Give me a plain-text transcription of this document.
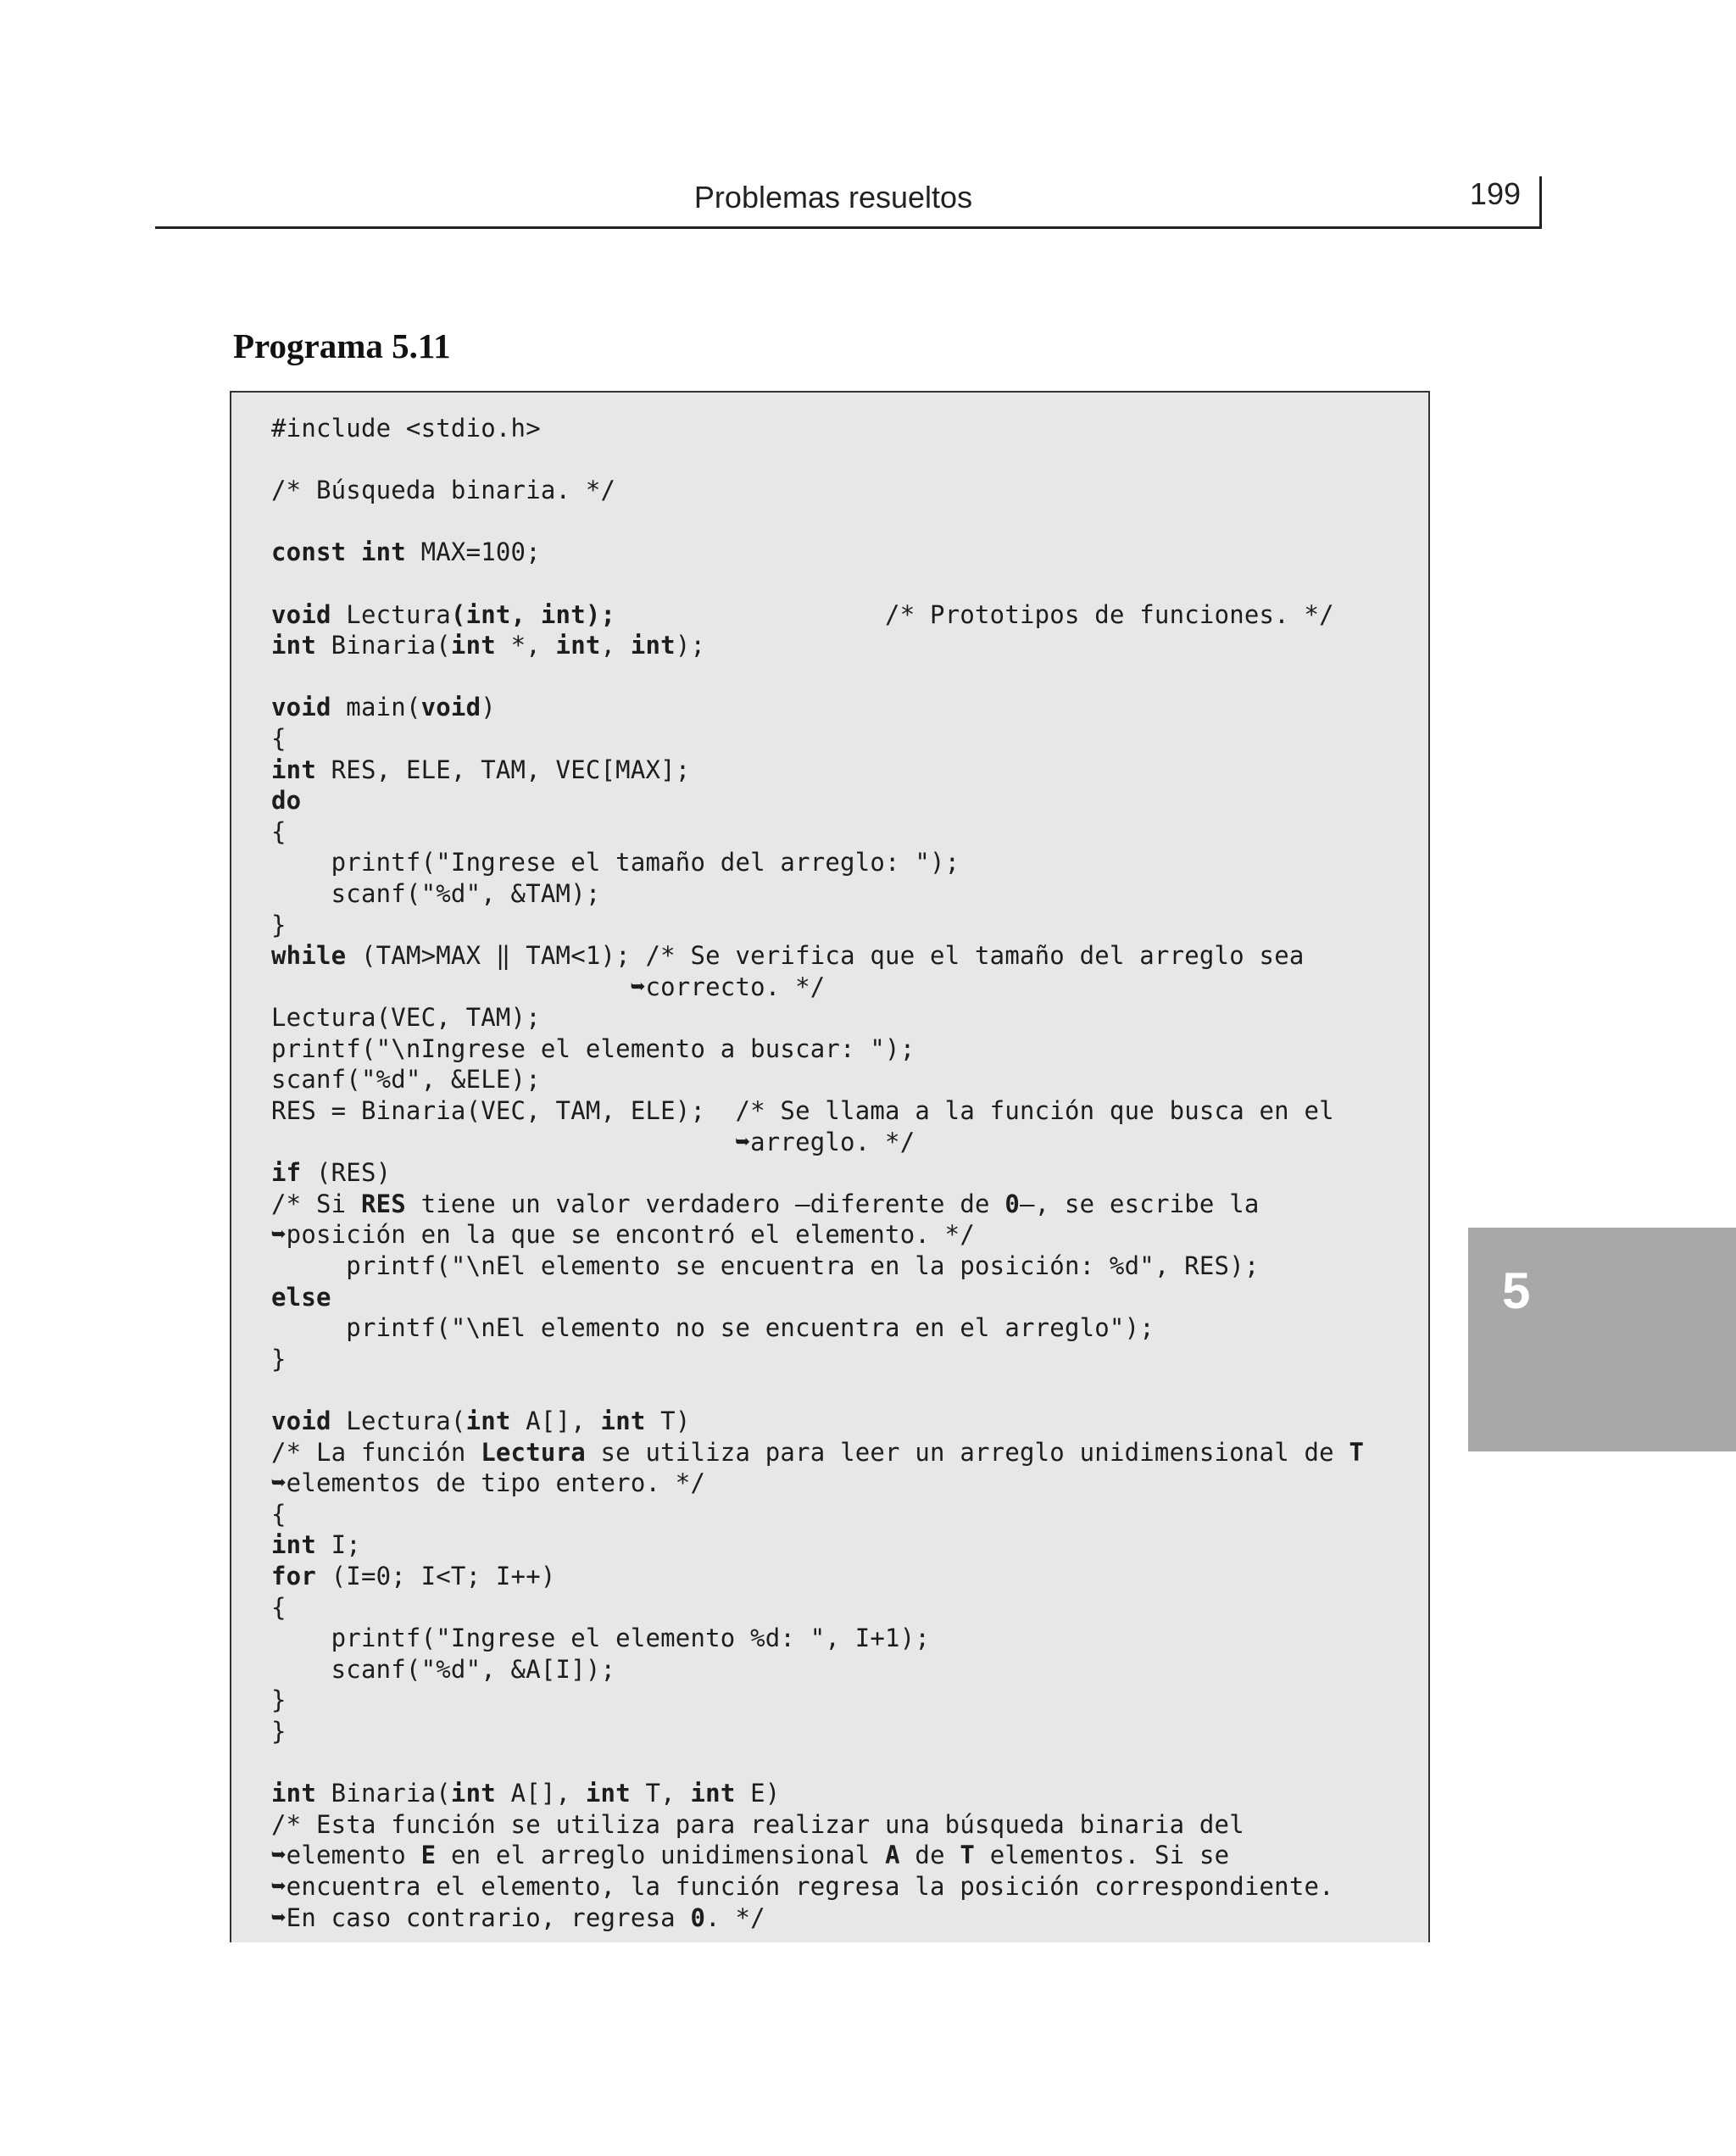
Problemas resueltos	199
Programa 5.11
#include <stdio.h>
/* Búsqueda binaria. */
const int MAX=100;
void Lectura(int, int);                  /* Prototipos de funciones. */
int Binaria(int *, int, int);
void main(void)
{
int RES, ELE, TAM, VEC[MAX];
do
{
printf("Ingrese el tamaño del arreglo: ");
scanf("%d", &TAM);
}
while (TAM>MAX ‖ TAM<1); /* Se verifica que el tamaño del arreglo sea
➥correcto. */
Lectura(VEC, TAM);
printf("\nIngrese el elemento a buscar: ");
scanf("%d", &ELE);
RES = Binaria(VEC, TAM, ELE);  /* Se llama a la función que busca en el
➥arreglo. */
if (RES)
/* Si RES tiene un valor verdadero —diferente de 0—, se escribe la
➥posición en la que se encontró el elemento. */
printf("\nEl elemento se encuentra en la posición: %d", RES);
else
printf("\nEl elemento no se encuentra en el arreglo");
}
void Lectura(int A[], int T)
/* La función Lectura se utiliza para leer un arreglo unidimensional de T
➥elementos de tipo entero. */
{
int I;
for (I=0; I<T; I++)
{
printf("Ingrese el elemento %d: ", I+1);
scanf("%d", &A[I]);
}
}
int Binaria(int A[], int T, int E)
/* Esta función se utiliza para realizar una búsqueda binaria del
➥elemento E en el arreglo unidimensional A de T elementos. Si se
➥encuentra el elemento, la función regresa la posición correspondiente.
➥En caso contrario, regresa 0. */
5
